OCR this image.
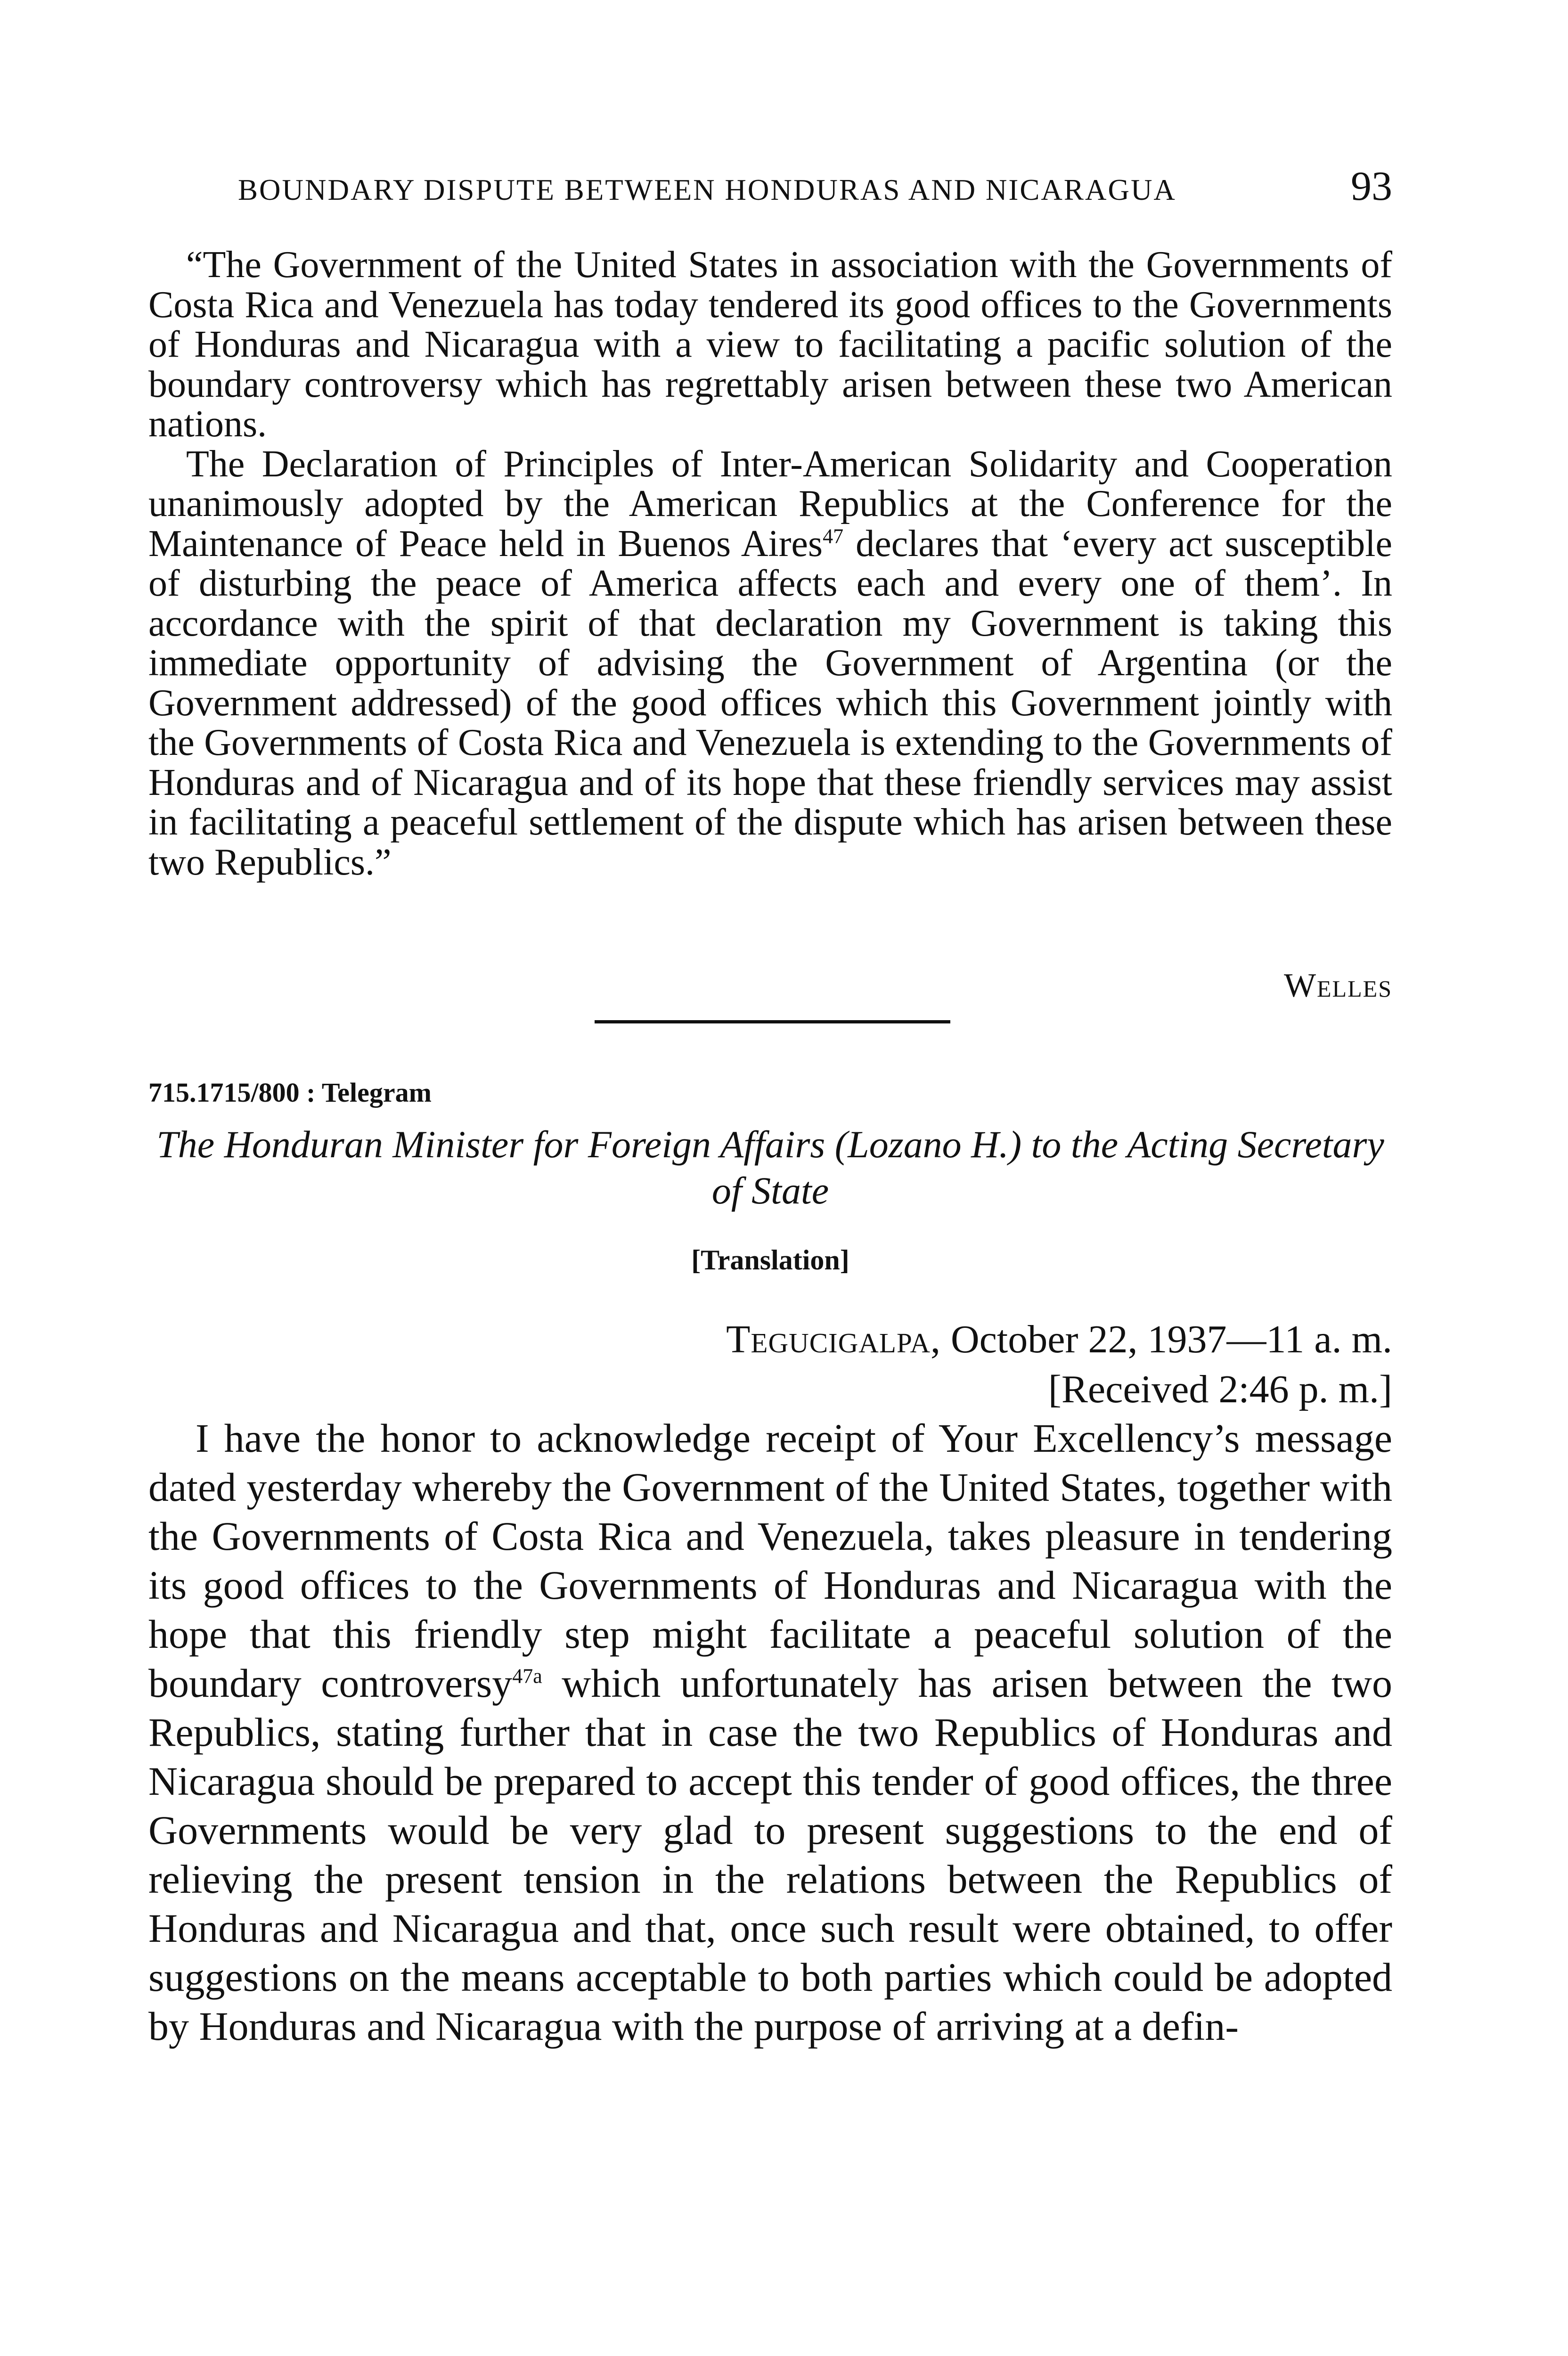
BOUNDARY DISPUTE BETWEEN HONDURAS AND NICARAGUA	93

“The Government of the United States in association with the Governments of Costa Rica and Venezuela has today tendered its good offices to the Governments of Honduras and Nicaragua with a view to facilitating a pacific solution of the boundary controversy which has regrettably arisen between these two American nations.

The Declaration of Principles of Inter-American Solidarity and Cooperation unanimously adopted by the American Republics at the Conference for the Maintenance of Peace held in Buenos Aires$^{47}$ declares that ‘every act susceptible of disturbing the peace of America affects each and every one of them’. In accordance with the spirit of that declaration my Government is taking this immediate opportunity of advising the Government of Argentina (or the Government addressed) of the good offices which this Government jointly with the Governments of Costa Rica and Venezuela is extending to the Governments of Honduras and of Nicaragua and of its hope that these friendly services may assist in facilitating a peaceful settlement of the dispute which has arisen between these two Republics.”

Welles
715.1715/800 : Telegram
The Honduran Minister for Foreign Affairs (Lozano H.) to the Acting Secretary of State
[Translation]
Tegucigalpa, October 22, 1937—11 a. m.
[Received 2:46 p. m.]

I have the honor to acknowledge receipt of Your Excellency’s message dated yesterday whereby the Government of the United States, together with the Governments of Costa Rica and Venezuela, takes pleasure in tendering its good offices to the Governments of Honduras and Nicaragua with the hope that this friendly step might facilitate a peaceful solution of the boundary controversy$^{47a}$ which unfortunately has arisen between the two Republics, stating further that in case the two Republics of Honduras and Nicaragua should be prepared to accept this tender of good offices, the three Governments would be very glad to present suggestions to the end of relieving the present tension in the relations between the Republics of Honduras and Nicaragua and that, once such result were obtained, to offer suggestions on the means acceptable to both parties which could be adopted by Honduras and Nicaragua with the purpose of arriving at a defin-
